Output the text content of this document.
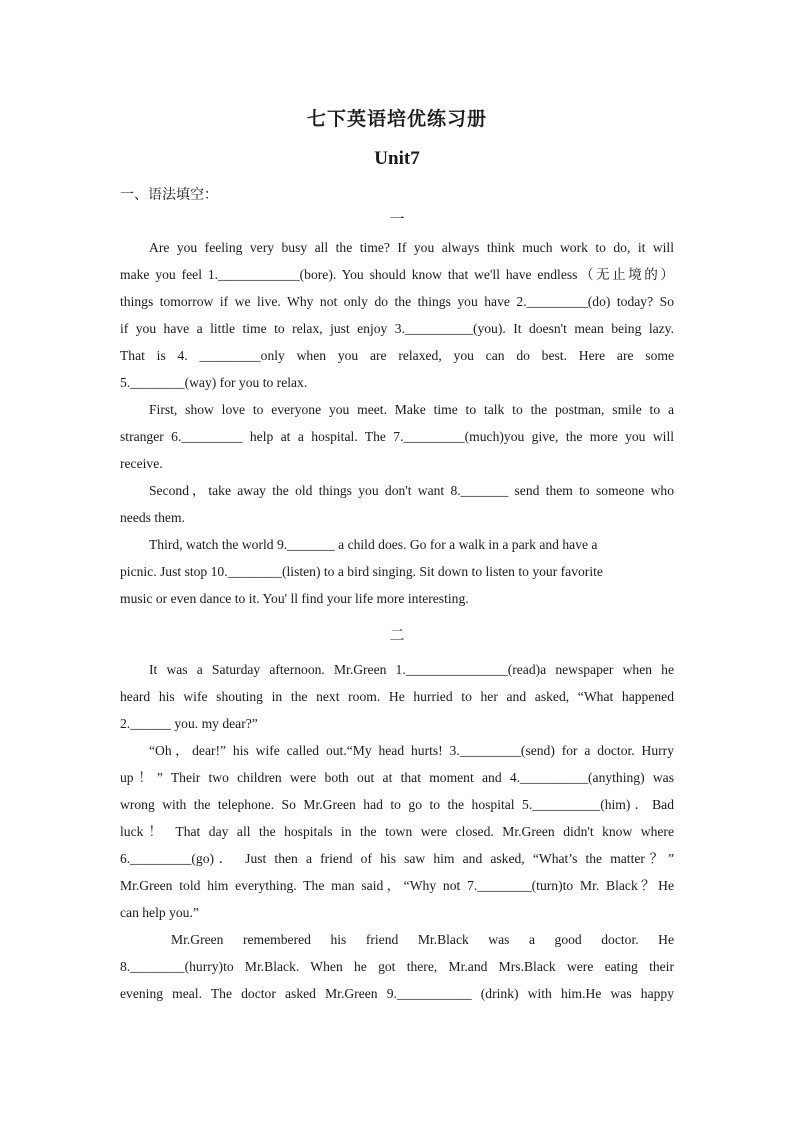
七下英语培优练习册
Unit7
一、语法填空：
一
Are you feeling very busy all the time? If you always think much work to do, it will
make you feel 1.____________(bore). You should know that we'll have endless（无止境的）
things tomorrow if we live. Why not only do the things you have 2._________(do) today? So
if you have a little time to relax, just enjoy 3.__________(you). It doesn't mean being lazy.
That is 4. _________only when you are relaxed, you can do best. Here are some
5.________(way) for you to relax.
First, show love to everyone you meet. Make time to talk to the postman, smile to a
stranger 6._________ help at a hospital. The 7._________(much)you give, the more you will
receive.
Second，take away the old things you don't want 8._______ send them to someone who
needs them.
Third, watch the world 9._______ a child does. Go for a walk in a park and have a
picnic. Just stop 10.________(listen) to a bird singing. Sit down to listen to your favorite
music or even dance to it. You' ll find your life more interesting.
二
It was a Saturday afternoon. Mr.Green 1._______________(read)a newspaper when he
heard his wife shouting in the next room. He hurried to her and asked, “What happened
2.______ you. my dear?”
“Oh，dear!” his wife called out.“My head hurts! 3._________(send) for a doctor. Hurry
up！” Their two children were both out at that moment and 4.__________(anything) was
wrong with the telephone. So Mr.Green had to go to the hospital 5.__________(him)．Bad
luck！ That day all the hospitals in the town were closed. Mr.Green didn't know where
6._________(go)． Just then a friend of his saw him and asked, “What’s the matter？”
Mr.Green told him everything. The man said，“Why not 7.________(turn)to Mr. Black？He
can help you.”
Mr.Green remembered his friend Mr.Black was a good doctor. He
8.________(hurry)to Mr.Black. When he got there, Mr.and Mrs.Black were eating their
evening meal. The doctor asked Mr.Green 9.___________ (drink) with him.He was happy
